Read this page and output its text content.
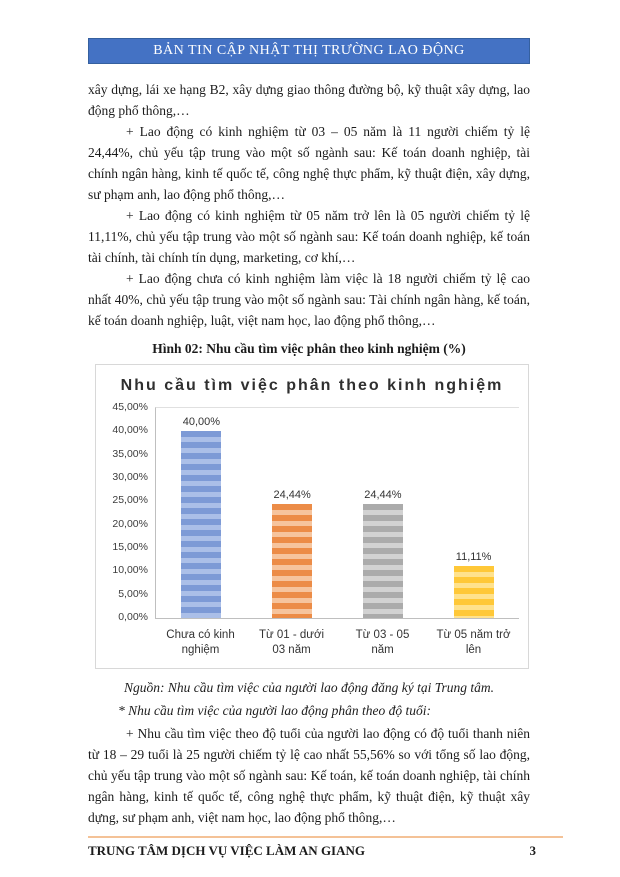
BẢN TIN CẬP NHẬT THỊ TRƯỜNG LAO ĐỘNG

xây dựng, lái xe hạng B2, xây dựng giao thông đường bộ, kỹ thuật xây dựng, lao động phổ thông,…

+ Lao động có kinh nghiệm từ 03 – 05 năm là 11 người chiếm tỷ lệ 24,44%, chủ yếu tập trung vào một số ngành sau: Kế toán doanh nghiệp, tài chính ngân hàng, kinh tế quốc tế, công nghệ thực phẩm, kỹ thuật điện, xây dựng, sư phạm anh, lao động phổ thông,…

+ Lao động có kinh nghiệm từ 05 năm trở lên là 05 người chiếm tỷ lệ 11,11%, chủ yếu tập trung vào một số ngành sau: Kế toán doanh nghiệp, kế toán tài chính, tài chính tín dụng, marketing, cơ khí,…

+ Lao động chưa có kinh nghiệm làm việc là 18 người chiếm tỷ lệ cao nhất 40%, chủ yếu tập trung vào một số ngành sau: Tài chính ngân hàng, kế toán, kế toán doanh nghiệp, luật, việt nam học, lao động phổ thông,…

Hình 02: Nhu cầu tìm việc phân theo kinh nghiệm (%)

Nhu cầu tìm việc phân theo kinh nghiệm
45,00%
40,00%
35,00%
30,00%
25,00%
20,00%
15,00%
10,00%
5,00%
0,00%
40,00%
24,44%	24,44%
11,11%
Chưa có kinh nghiệm
Từ 01 - dưới 03 năm
Từ 03 - 05 năm
Từ 05 năm trở lên

Nguồn: Nhu cầu tìm việc của người lao động đăng ký tại Trung tâm.

* Nhu cầu tìm việc của người lao động phân theo độ tuổi:

+ Nhu cầu tìm việc theo độ tuổi của người lao động có độ tuổi thanh niên từ 18 – 29 tuổi là 25 người chiếm tỷ lệ cao nhất 55,56% so với tổng số lao động, chủ yếu tập trung vào một số ngành sau: Kế toán, kế toán doanh nghiệp, tài chính ngân hàng, kinh tế quốc tế, công nghệ thực phẩm, kỹ thuật điện, kỹ thuật xây dựng, sư phạm anh, việt nam học, lao động phổ thông,…

TRUNG TÂM DỊCH VỤ VIỆC LÀM AN GIANG	3
